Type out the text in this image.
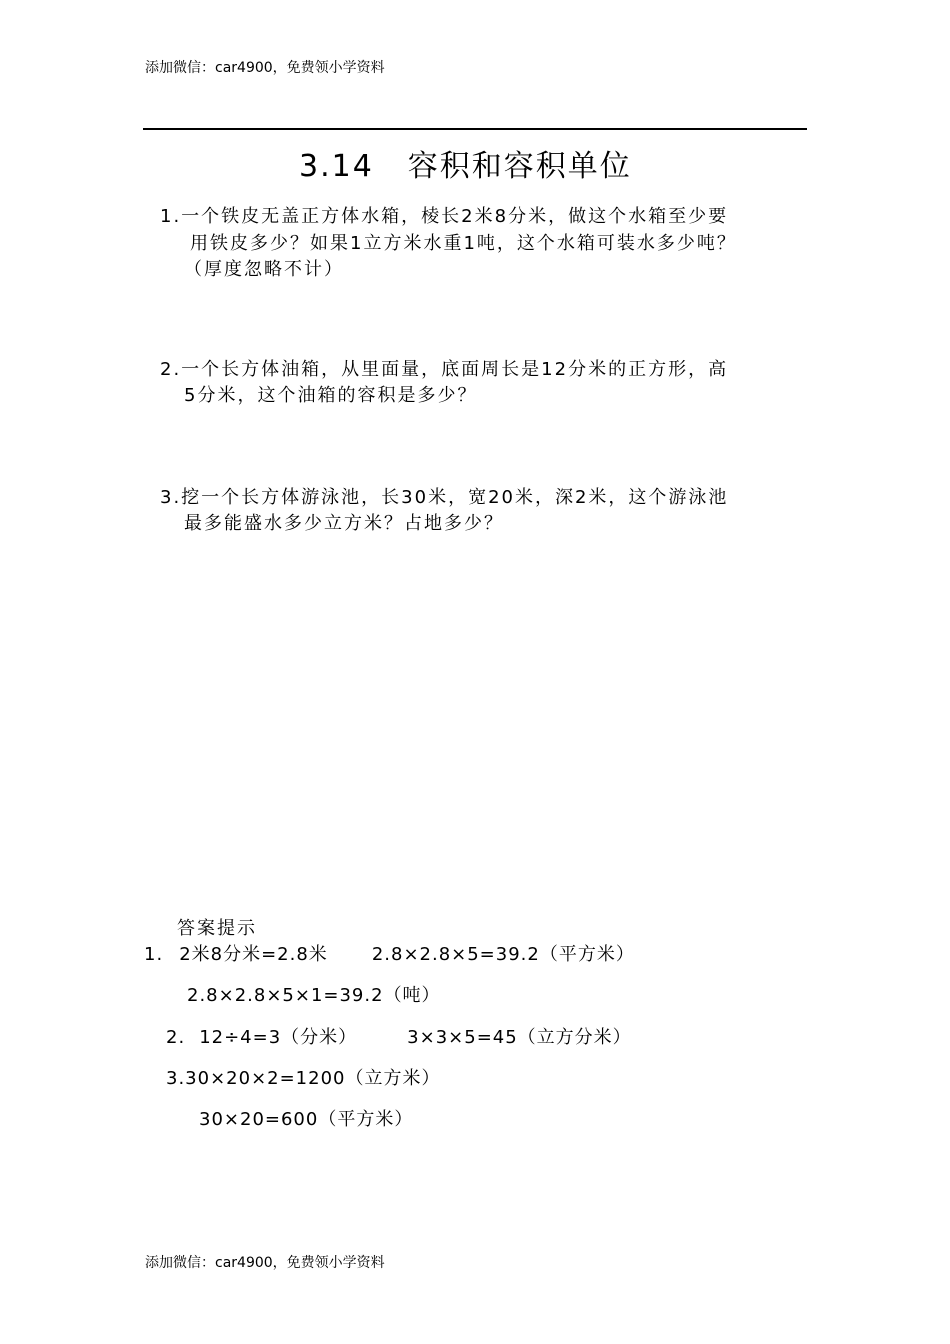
添加微信：car4900，免费领小学资料
3.14 容积和容积单位
1.一个铁皮无盖正方体水箱，棱长2米8分米，做这个水箱至少要
用铁皮多少？如果1立方米水重1吨，这个水箱可装水多少吨？
（厚度忽略不计）
2.一个长方体油箱，从里面量，底面周长是12分米的正方形，高
5分米，这个油箱的容积是多少？
3.挖一个长方体游泳池，长30米，宽20米，深2米，这个游泳池
最多能盛水多少立方米？占地多少？
答案提示
1. 2米8分米=2.8米 2.8×2.8×5=39.2（平方米）
2.8×2.8×5×1=39.2（吨）
2. 12÷4=3（分米）	3×3×5=45（立方分米）
3.30×20×2=1200（立方米）
30×20=600（平方米）
添加微信：car4900，免费领小学资料
